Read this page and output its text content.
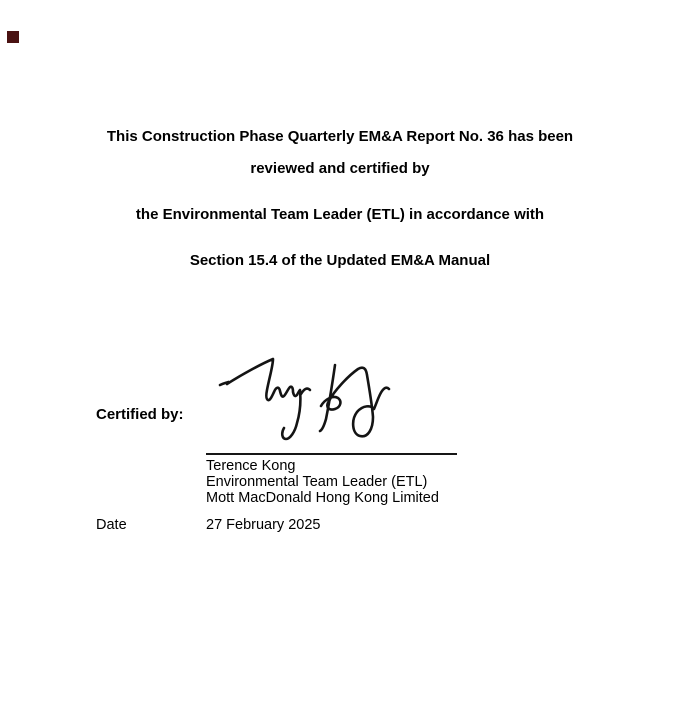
This Construction Phase Quarterly EM&A Report No. 36 has been
reviewed and certified by
the Environmental Team Leader (ETL) in accordance with
Section 15.4 of the Updated EM&A Manual
Certified by:
Terence Kong
Environmental Team Leader (ETL)
Mott MacDonald Hong Kong Limited
Date	27 February 2025
